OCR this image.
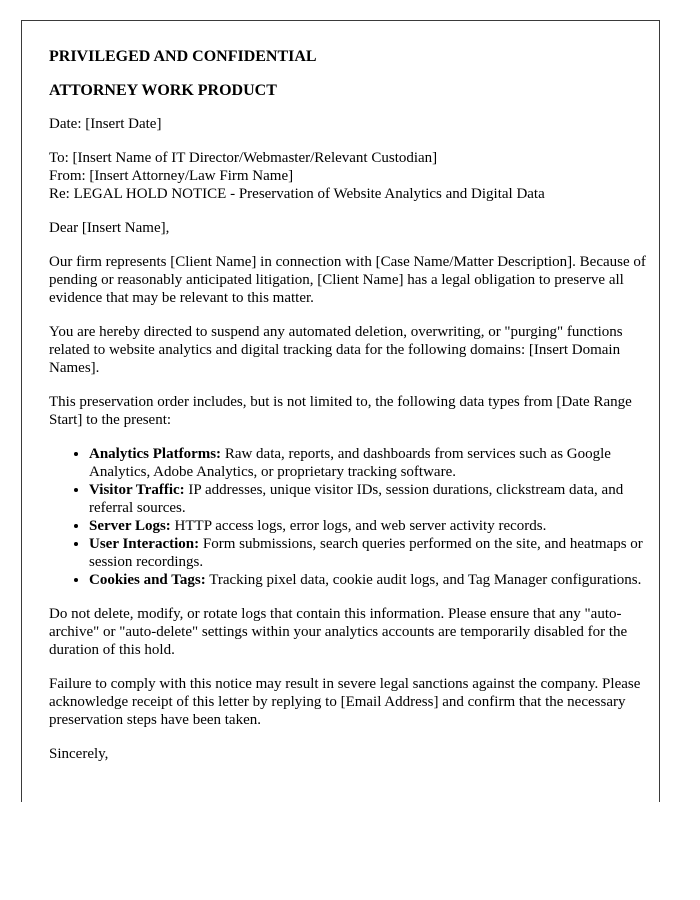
PRIVILEGED AND CONFIDENTIAL
ATTORNEY WORK PRODUCT

Date: [Insert Date]

To: [Insert Name of IT Director/Webmaster/Relevant Custodian]
From: [Insert Attorney/Law Firm Name]
Re: LEGAL HOLD NOTICE - Preservation of Website Analytics and Digital Data

Dear [Insert Name],

Our firm represents [Client Name] in connection with [Case Name/Matter Description]. Because of pending or reasonably anticipated litigation, [Client Name] has a legal obligation to preserve all evidence that may be relevant to this matter.

You are hereby directed to suspend any automated deletion, overwriting, or "purging" functions related to website analytics and digital tracking data for the following domains: [Insert Domain Names].

This preservation order includes, but is not limited to, the following data types from [Date Range Start] to the present:

• Analytics Platforms: Raw data, reports, and dashboards from services such as Google Analytics, Adobe Analytics, or proprietary tracking software.
• Visitor Traffic: IP addresses, unique visitor IDs, session durations, clickstream data, and referral sources.
• Server Logs: HTTP access logs, error logs, and web server activity records.
• User Interaction: Form submissions, search queries performed on the site, and heatmaps or session recordings.
• Cookies and Tags: Tracking pixel data, cookie audit logs, and Tag Manager configurations.

Do not delete, modify, or rotate logs that contain this information. Please ensure that any "auto-archive" or "auto-delete" settings within your analytics accounts are temporarily disabled for the duration of this hold.

Failure to comply with this notice may result in severe legal sanctions against the company. Please acknowledge receipt of this letter by replying to [Email Address] and confirm that the necessary preservation steps have been taken.

Sincerely,
